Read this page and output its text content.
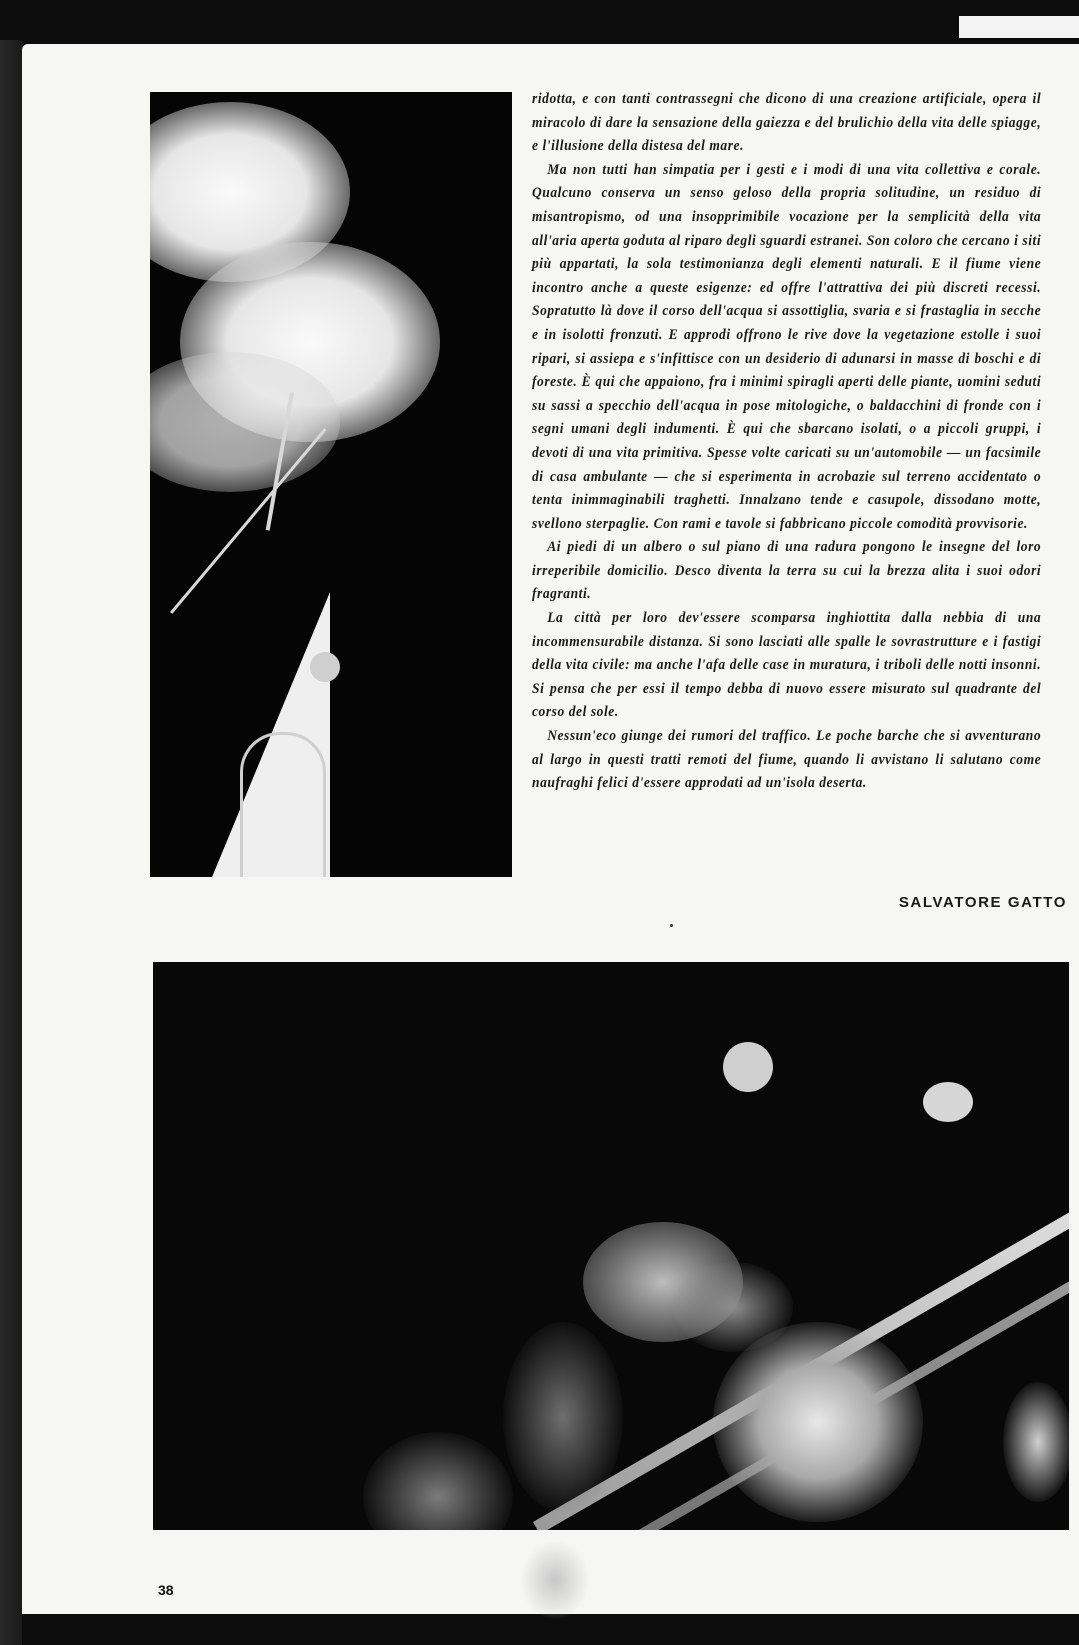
ridotta, e con tanti contrassegni che dicono di una creazione artificiale, opera il miracolo di dare la sensazione della gaiezza e del brulichio della vita delle spiagge, e l'illusione della distesa del mare.

Ma non tutti han simpatia per i gesti e i modi di una vita collettiva e corale. Qualcuno conserva un senso geloso della propria solitudine, un residuo di misantropismo, od una insopprimibile vocazione per la semplicità della vita all'aria aperta goduta al riparo degli sguardi estranei. Son coloro che cercano i siti più appartati, la sola testimonianza degli elementi naturali. E il fiume viene incontro anche a queste esigenze: ed offre l'attrattiva dei più discreti recessi. Sopratutto là dove il corso dell'acqua si assottiglia, svaria e si frastaglia in secche e in isolotti fronzuti. E approdi offrono le rive dove la vegetazione estolle i suoi ripari, si assiepa e s'infittisce con un desiderio di adunarsi in masse di boschi e di foreste. È qui che appaiono, fra i minimi spiragli aperti delle piante, uomini seduti su sassi a specchio dell'acqua in pose mitologiche, o baldacchini di fronde con i segni umani degli indumenti. È qui che sbarcano isolati, o a piccoli gruppi, i devoti di una vita primitiva. Spesse volte caricati su un'automobile — un facsimile di casa ambulante — che si esperimenta in acrobazie sul terreno accidentato o tenta inimmaginabili traghetti. Innalzano tende e casupole, dissodano motte, svellono sterpaglie. Con rami e tavole si fabbricano piccole comodità provvisorie.

Ai piedi di un albero o sul piano di una radura pongono le insegne del loro irreperibile domicilio. Desco diventa la terra su cui la brezza alita i suoi odori fragranti.

La città per loro dev'essere scomparsa inghiottita dalla nebbia di una incommensurabile distanza. Si sono lasciati alle spalle le sovrastrutture e i fastigi della vita civile: ma anche l'afa delle case in muratura, i triboli delle notti insonni. Si pensa che per essi il tempo debba di nuovo essere misurato sul quadrante del corso del sole.

Nessun'eco giunge dei rumori del traffico. Le poche barche che si avventurano al largo in questi tratti remoti del fiume, quando li avvistano li salutano come naufraghi felici d'essere approdati ad un'isola deserta.

SALVATORE GATTO
38
